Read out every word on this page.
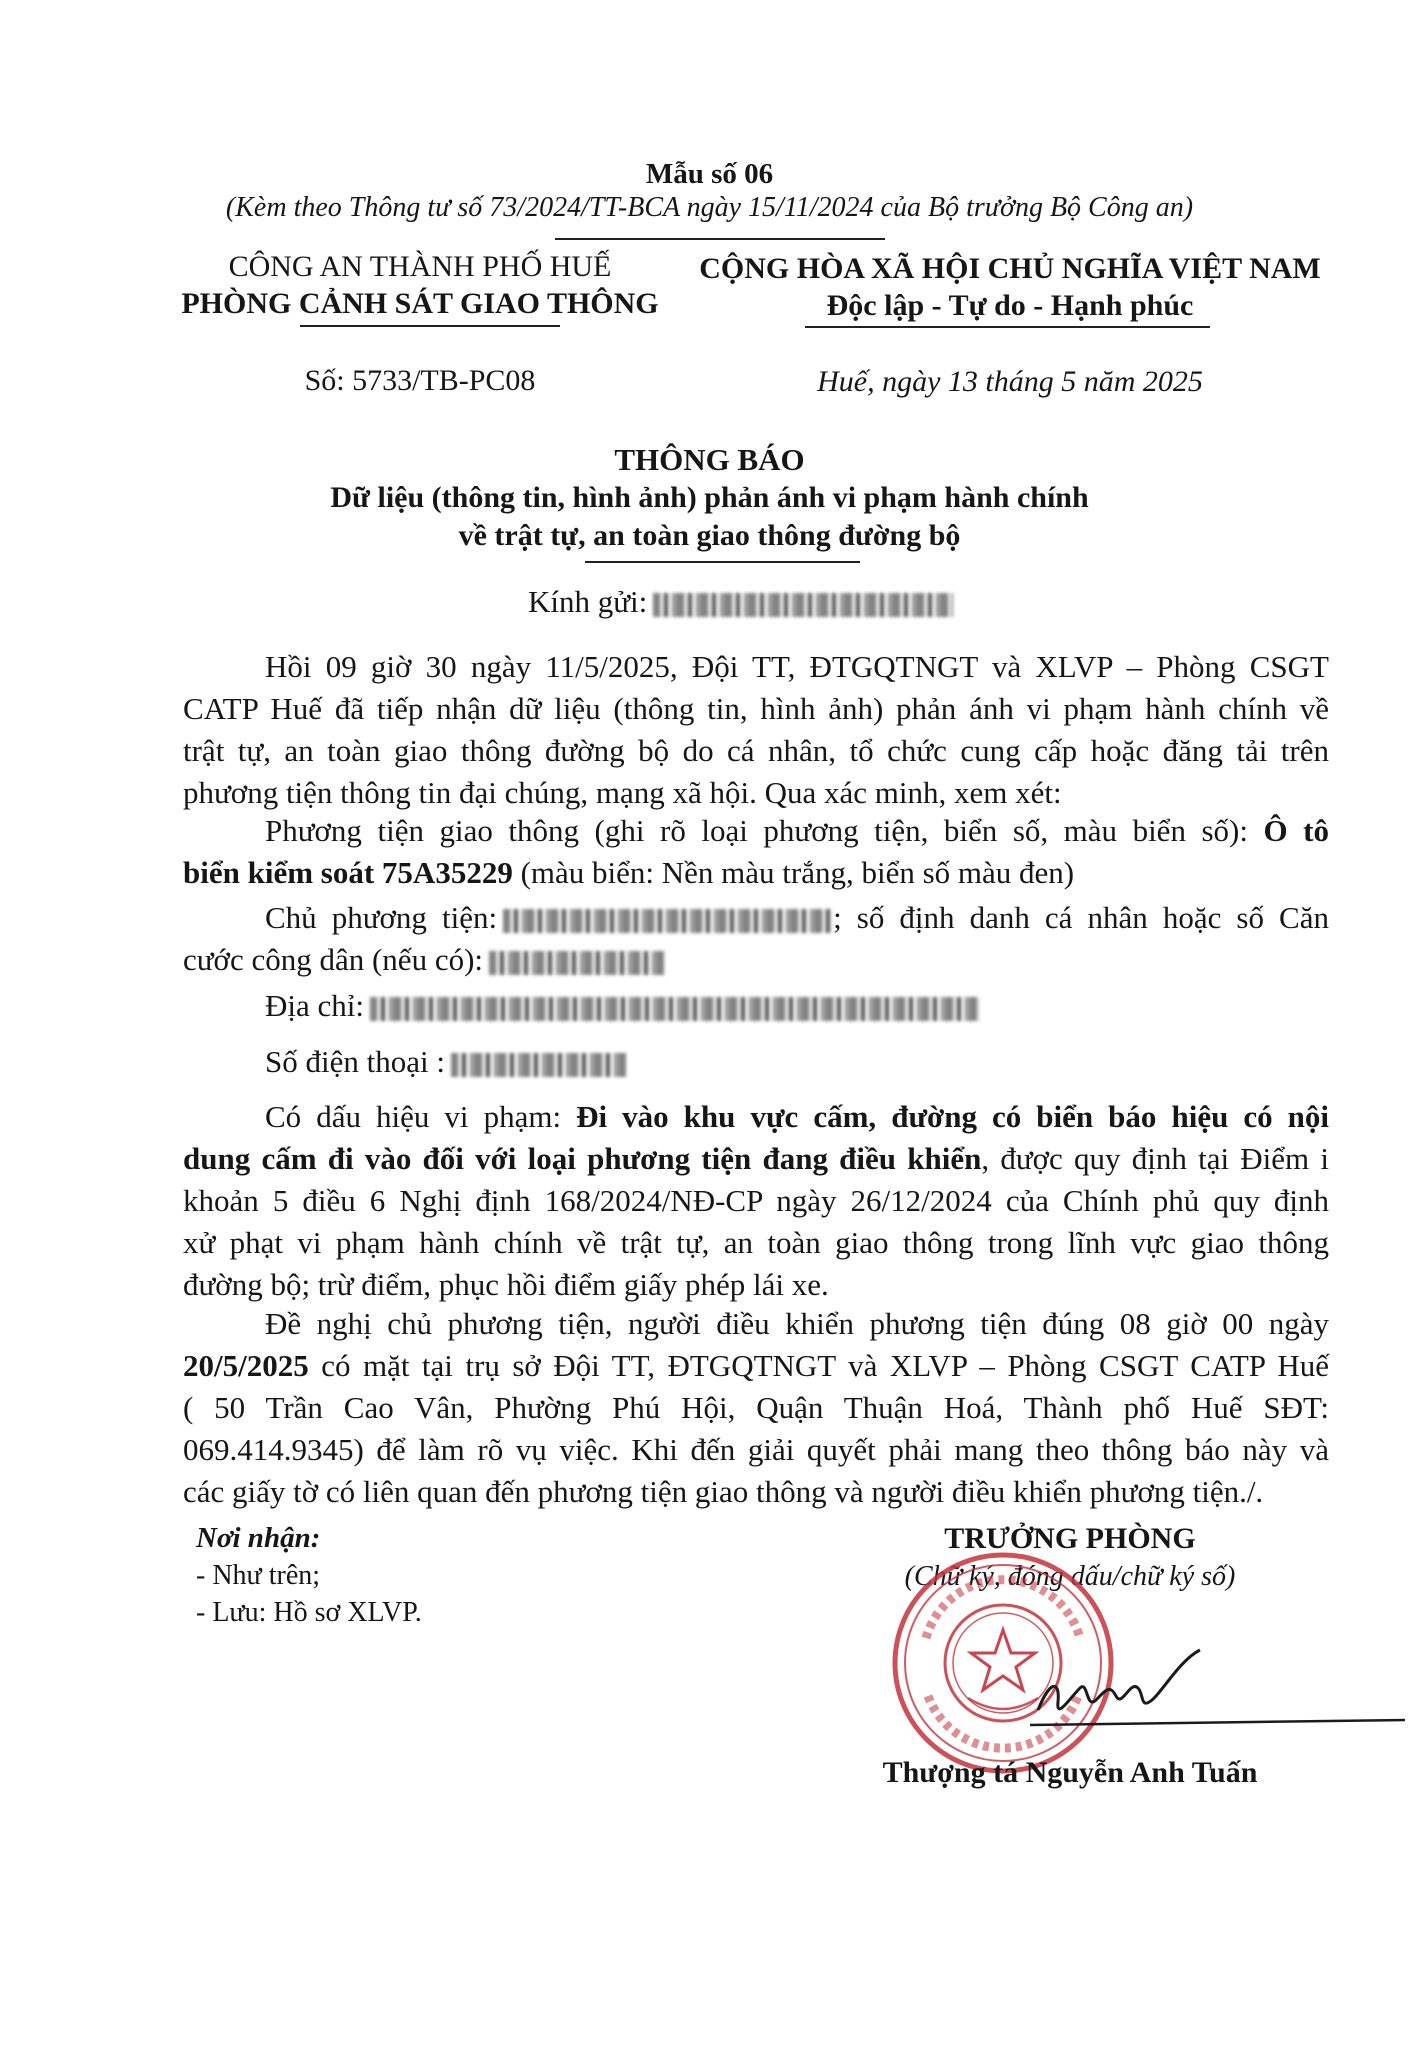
Mẫu số 06
(Kèm theo Thông tư số 73/2024/TT-BCA ngày 15/11/2024 của Bộ trưởng Bộ Công an)
CÔNG AN THÀNH PHỐ HUẾ
PHÒNG CẢNH SÁT GIAO THÔNG
Số: 5733/TB-PC08
CỘNG HÒA XÃ HỘI CHỦ NGHĨA VIỆT NAM
Độc lập - Tự do - Hạnh phúc
Huế, ngày 13 tháng 5 năm 2025
THÔNG BÁO
Dữ liệu (thông tin, hình ảnh) phản ánh vi phạm hành chính
về trật tự, an toàn giao thông đường bộ
Kính gửi:
Hồi 09 giờ 30 ngày 11/5/2025, Đội TT, ĐTGQTNGT và XLVP – Phòng CSGT
CATP Huế đã tiếp nhận dữ liệu (thông tin, hình ảnh) phản ánh vi phạm hành chính về
trật tự, an toàn giao thông đường bộ do cá nhân, tổ chức cung cấp hoặc đăng tải trên
phương tiện thông tin đại chúng, mạng xã hội. Qua xác minh, xem xét:
Phương tiện giao thông (ghi rõ loại phương tiện, biển số, màu biển số): Ô tô
biển kiểm soát 75A35229 (màu biển: Nền màu trắng, biển số màu đen)
Chủ phương tiện:	; số định danh cá nhân hoặc số Căn
cước công dân (nếu có):
Địa chỉ:
Số điện thoại :
Có dấu hiệu vi phạm: Đi vào khu vực cấm, đường có biển báo hiệu có nội
dung cấm đi vào đối với loại phương tiện đang điều khiển, được quy định tại Điểm i
khoản 5 điều 6 Nghị định 168/2024/NĐ-CP ngày 26/12/2024 của Chính phủ quy định
xử phạt vi phạm hành chính về trật tự, an toàn giao thông trong lĩnh vực giao thông
đường bộ; trừ điểm, phục hồi điểm giấy phép lái xe.
Đề nghị chủ phương tiện, người điều khiển phương tiện đúng 08 giờ 00 ngày
20/5/2025 có mặt tại trụ sở Đội TT, ĐTGQTNGT và XLVP – Phòng CSGT CATP Huế
( 50 Trần Cao Vân, Phường Phú Hội, Quận Thuận Hoá, Thành phố Huế SĐT:
069.414.9345) để làm rõ vụ việc. Khi đến giải quyết phải mang theo thông báo này và
các giấy tờ có liên quan đến phương tiện giao thông và người điều khiển phương tiện./.
Nơi nhận:
- Như trên;
- Lưu: Hồ sơ XLVP.
TRƯỞNG PHÒNG
(Chữ ký, đóng dấu/chữ ký số)
Thượng tá Nguyễn Anh Tuấn
